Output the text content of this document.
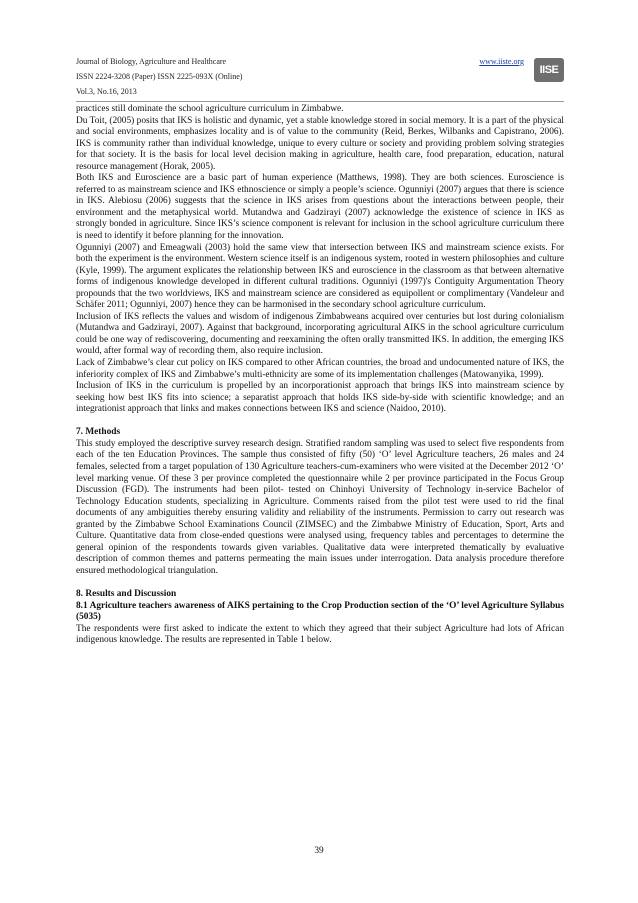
Journal of Biology, Agriculture and Healthcare
ISSN 2224-3208 (Paper) ISSN 2225-093X (Online)
Vol.3, No.16, 2013
www.iiste.org
IISE

practices still dominate the school agriculture curriculum in Zimbabwe.

Du Toit, (2005) posits that IKS is holistic and dynamic, yet a stable knowledge stored in social memory. It is a part of the physical and social environments, emphasizes locality and is of value to the community (Reid, Berkes, Wilbanks and Capistrano, 2006). IKS is community rather than individual knowledge, unique to every culture or society and providing problem solving strategies for that society. It is the basis for local level decision making in agriculture, health care, food preparation, education, natural resource management (Horak, 2005).

Both IKS and Euroscience are a basic part of human experience (Matthews, 1998). They are both sciences. Euroscience is referred to as mainstream science and IKS ethnoscience or simply a people’s science. Ogunniyi (2007) argues that there is science in IKS. Alebiosu (2006) suggests that the science in IKS arises from questions about the interactions between people, their environment and the metaphysical world. Mutandwa and Gadzirayi (2007) acknowledge the existence of science in IKS as strongly bonded in agriculture. Since IKS’s science component is relevant for inclusion in the school agriculture curriculum there is need to identify it before planning for the innovation.

Ogunniyi (2007) and Emeagwali (2003) hold the same view that intersection between IKS and mainstream science exists. For both the experiment is the environment. Western science itself is an indigenous system, rooted in western philosophies and culture (Kyle, 1999). The argument explicates the relationship between IKS and euroscience in the classroom as that between alternative forms of indigenous knowledge developed in different cultural traditions. Ogunniyi (1997)'s Contiguity Argumentation Theory propounds that the two worldviews, IKS and mainstream science are considered as equipollent or complimentary (Vandeleur and Schäfer 2011; Ogunniyi, 2007) hence they can be harmonised in the secondary school agriculture curriculum.

Inclusion of IKS reflects the values and wisdom of indigenous Zimbabweans acquired over centuries but lost during colonialism (Mutandwa and Gadzirayi, 2007). Against that background, incorporating agricultural AIKS in the school agriculture curriculum could be one way of rediscovering, documenting and reexamining the often orally transmitted IKS. In addition, the emerging IKS would, after formal way of recording them, also require inclusion.

Lack of Zimbabwe’s clear cut policy on IKS compared to other African countries, the broad and undocumented nature of IKS, the inferiority complex of IKS and Zimbabwe’s multi-ethnicity are some of its implementation challenges (Matowanyika, 1999).

Inclusion of IKS in the curriculum is propelled by an incorporationist approach that brings IKS into mainstream science by seeking how best IKS fits into science; a separatist approach that holds IKS side-by-side with scientific knowledge; and an integrationist approach that links and makes connections between IKS and science (Naidoo, 2010).

7. Methods

This study employed the descriptive survey research design. Stratified random sampling was used to select five respondents from each of the ten Education Provinces. The sample thus consisted of fifty (50) ‘O’ level Agriculture teachers, 26 males and 24 females, selected from a target population of 130 Agriculture teachers-cum-examiners who were visited at the December 2012 ‘O’ level marking venue. Of these 3 per province completed the questionnaire while 2 per province participated in the Focus Group Discussion (FGD). The instruments had been pilot- tested on Chinhoyi University of Technology in-service Bachelor of Technology Education students, specializing in Agriculture. Comments raised from the pilot test were used to rid the final documents of any ambiguities thereby ensuring validity and reliability of the instruments. Permission to carry out research was granted by the Zimbabwe School Examinations Council (ZIMSEC) and the Zimbabwe Ministry of Education, Sport, Arts and Culture. Quantitative data from close-ended questions were analysed using, frequency tables and percentages to determine the general opinion of the respondents towards given variables. Qualitative data were interpreted thematically by evaluative description of common themes and patterns permeating the main issues under interrogation. Data analysis procedure therefore ensured methodological triangulation.

8. Results and Discussion

8.1 Agriculture teachers awareness of AIKS pertaining to the Crop Production section of the ‘O’ level Agriculture Syllabus (5035)

The respondents were first asked to indicate the extent to which they agreed that their subject Agriculture had lots of African indigenous knowledge. The results are represented in Table 1 below.

39
